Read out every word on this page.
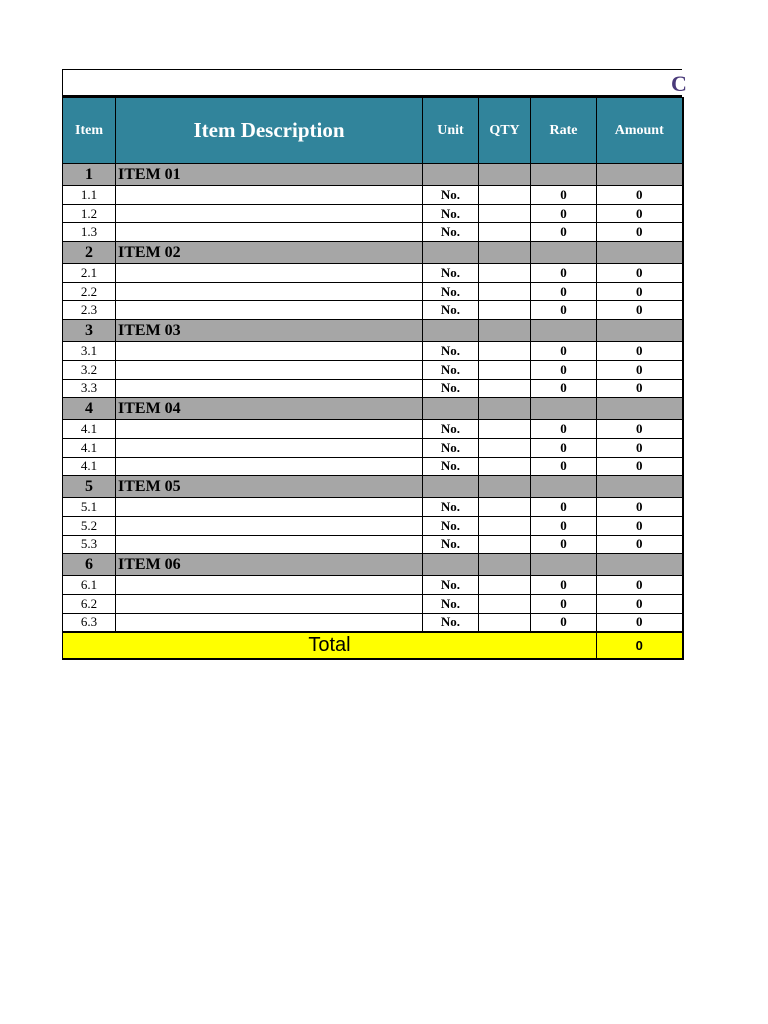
C
Item	Item Description	Unit	QTY	Rate	Amount
1	ITEM 01				
1.1		No.		0	0
1.2		No.		0	0
1.3		No.		0	0
2	ITEM 02				
2.1		No.		0	0
2.2		No.		0	0
2.3		No.		0	0
3	ITEM 03				
3.1		No.		0	0
3.2		No.		0	0
3.3		No.		0	0
4	ITEM 04				
4.1		No.		0	0
4.1		No.		0	0
4.1		No.		0	0
5	ITEM 05				
5.1		No.		0	0
5.2		No.		0	0
5.3		No.		0	0
6	ITEM 06				
6.1		No.		0	0
6.2		No.		0	0
6.3		No.		0	0
Total					0
